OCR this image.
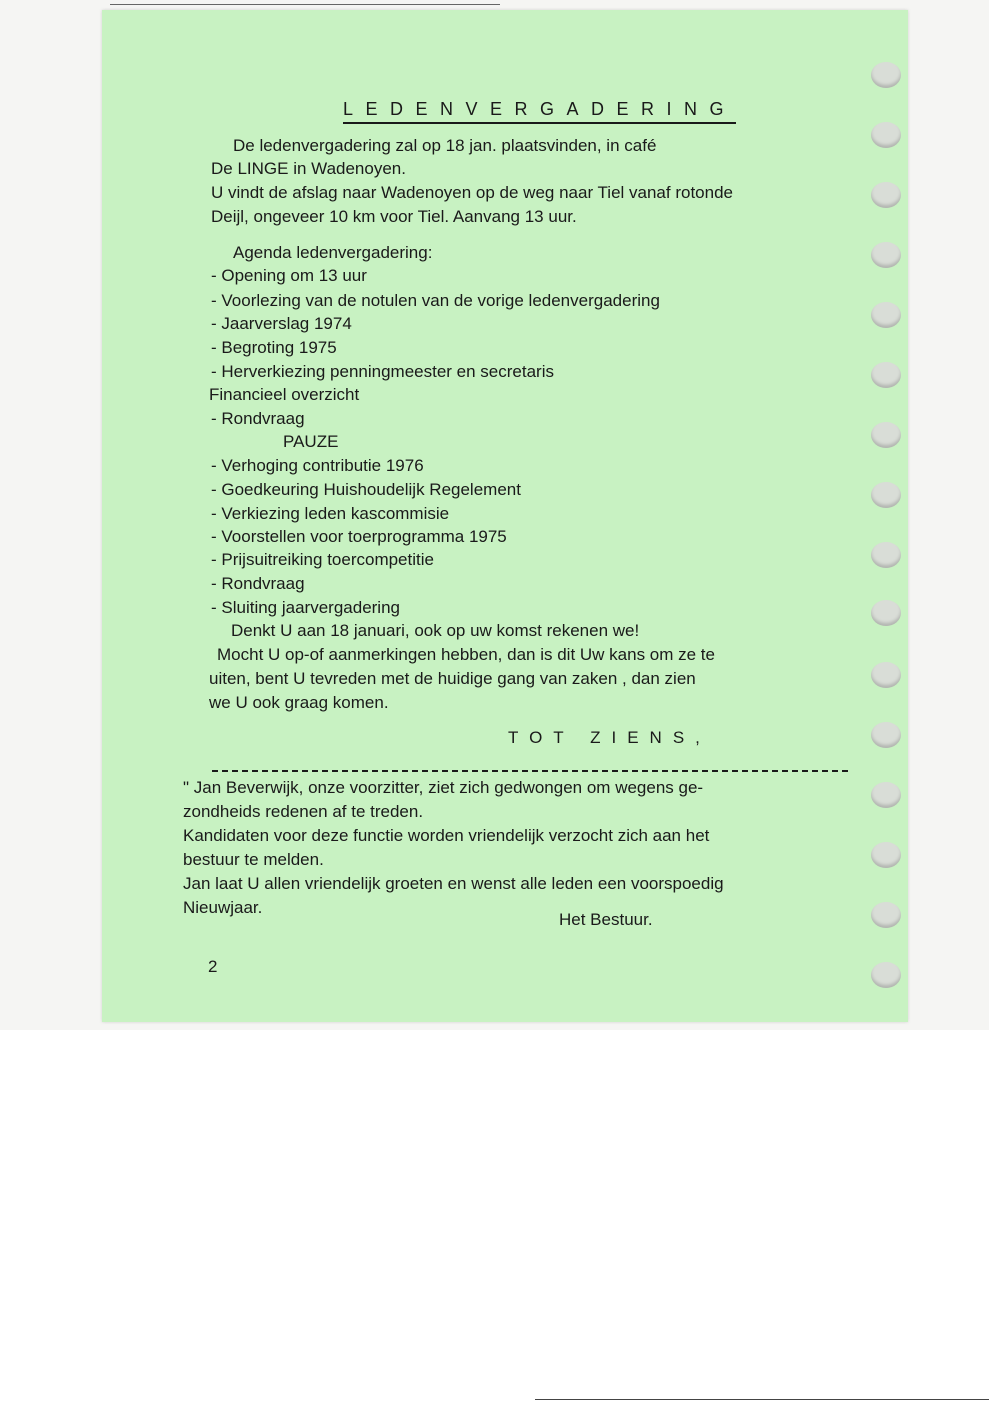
LEDENVERGADERING
De ledenvergadering zal op 18 jan. plaatsvinden, in café
De LINGE in Wadenoyen.
U vindt de afslag naar Wadenoyen op de weg naar Tiel vanaf rotonde
Deijl, ongeveer 10 km voor Tiel. Aanvang 13 uur.
Agenda ledenvergadering:
- Opening om 13 uur
- Voorlezing van de notulen van de vorige ledenvergadering
- Jaarverslag 1974
- Begroting 1975
- Herverkiezing penningmeester en secretaris
Financieel overzicht
- Rondvraag
PAUZE
- Verhoging contributie 1976
- Goedkeuring Huishoudelijk Regelement
- Verkiezing leden kascommisie
- Voorstellen voor toerprogramma 1975
- Prijsuitreiking toercompetitie
- Rondvraag
- Sluiting jaarvergadering
Denkt U aan 18 januari, ook op uw komst rekenen we!
Mocht U op-of aanmerkingen hebben, dan is dit Uw kans om ze te
uiten, bent U tevreden met de huidige gang van zaken , dan zien
we U ook graag komen.
TOT ZIENS,
" Jan Beverwijk, onze voorzitter, ziet zich gedwongen om wegens ge-
zondheids redenen af te treden.
Kandidaten voor deze functie worden vriendelijk verzocht zich aan het
bestuur te melden.
Jan laat U allen vriendelijk groeten en wenst alle leden een voorspoedig
Nieuwjaar.
Het Bestuur.
2
